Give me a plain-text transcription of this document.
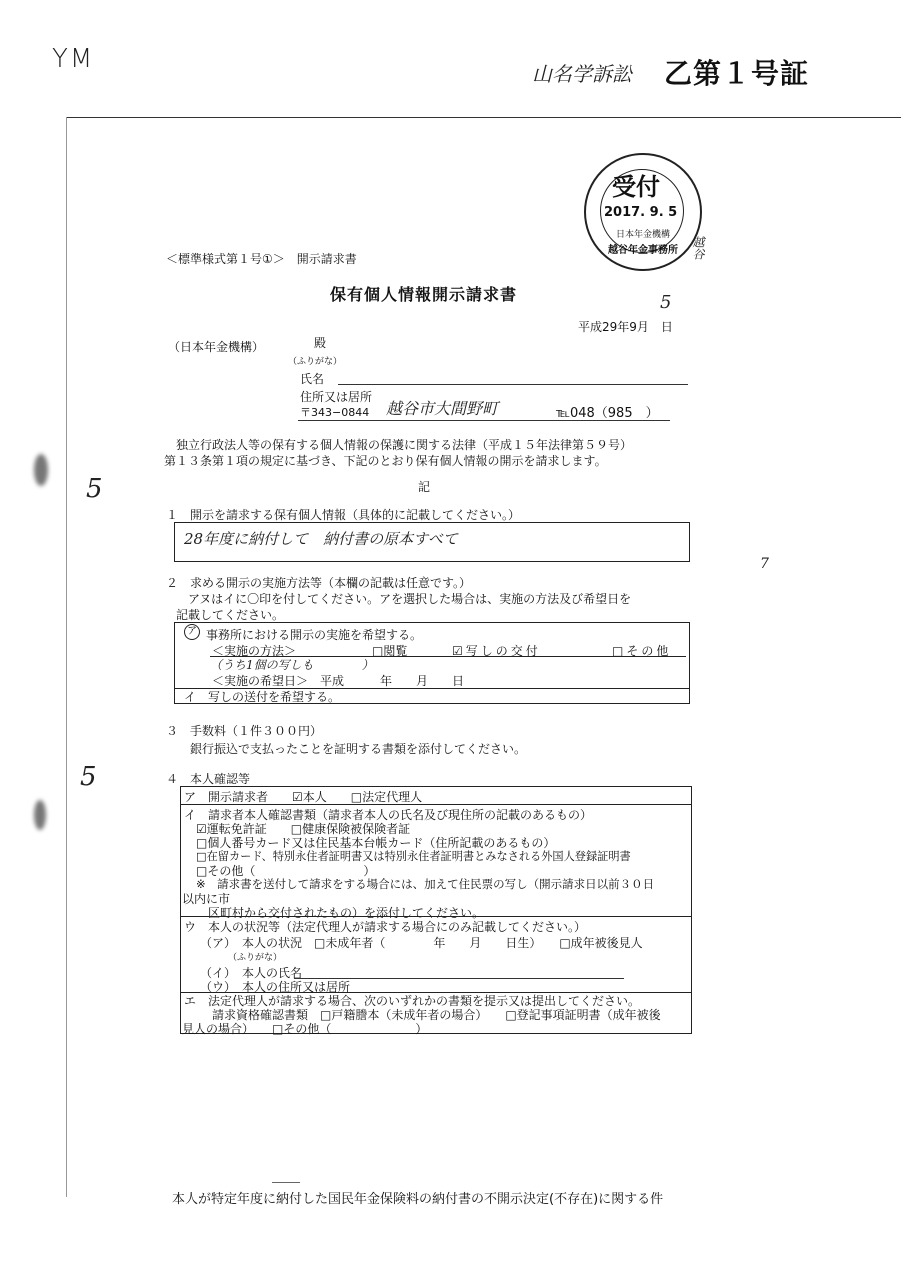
YM	山名学訴訟 乙第１号証
受付
2017. 9. 5
日本年金機構
越谷年金事務所 越谷
＜標準様式第１号①＞　開示請求書
保有個人情報開示請求書	5
平成29年9月　日
（日本年金機構）	殿
（ふりがな）
氏名
住所又は居所
〒343−0844 越谷市大間野町	℡048（985　）
独立行政法人等の保有する個人情報の保護に関する法律（平成１５年法律第５９号）
第１３条第１項の規定に基づき、下記のとおり保有個人情報の開示を請求します。
記
5
5
7
１　開示を請求する保有個人情報（具体的に記載してください。）
28年度に納付して　納付書の原本すべて
２　求める開示の実施方法等（本欄の記載は任意です。）
アヌはイに〇印を付してください。アを選択した場合は、実施の方法及び希望日を
記載してください。
ア 事務所における開示の実施を希望する。
＜実施の方法＞	□閲覧	☑写しの交付	□その他
（うち1個の写しも　　　　）
＜実施の希望日＞　平成　　　年　　月　　日
イ　写しの送付を希望する。
３　手数料（１件３００円）
銀行振込で支払ったことを証明する書類を添付してください。
４　本人確認等
ア　開示請求者　　☑本人　　□法定代理人
イ　請求者本人確認書類（請求者本人の氏名及び現住所の記載のあるもの）
☑運転免許証　　□健康保険被保険者証
□個人番号カード又は住民基本台帳カード（住所記載のあるもの）
□在留カード、特別永住者証明書又は特別永住者証明書とみなされる外国人登録証明書
□その他（　　　　　　　　　）
※　請求書を送付して請求をする場合には、加えて住民票の写し（開示請求日以前３０日
以内に市
区町村から交付されたもの）を添付してください。
ウ　本人の状況等（法定代理人が請求する場合にのみ記載してください。）
（ア）　本人の状況　□未成年者（　　　　年　　月　　日生）　　□成年被後見人
（ふりがな）
（イ）　本人の氏名
（ウ）　本人の住所又は居所
エ　法定代理人が請求する場合、次のいずれかの書類を提示又は提出してください。
請求資格確認書類　□戸籍謄本（未成年者の場合）　　□登記事項証明書（成年被後
見人の場合）　　□その他（　　　　　　　）
本人が特定年度に納付した国民年金保険料の納付書の不開示決定(不存在)に関する件
